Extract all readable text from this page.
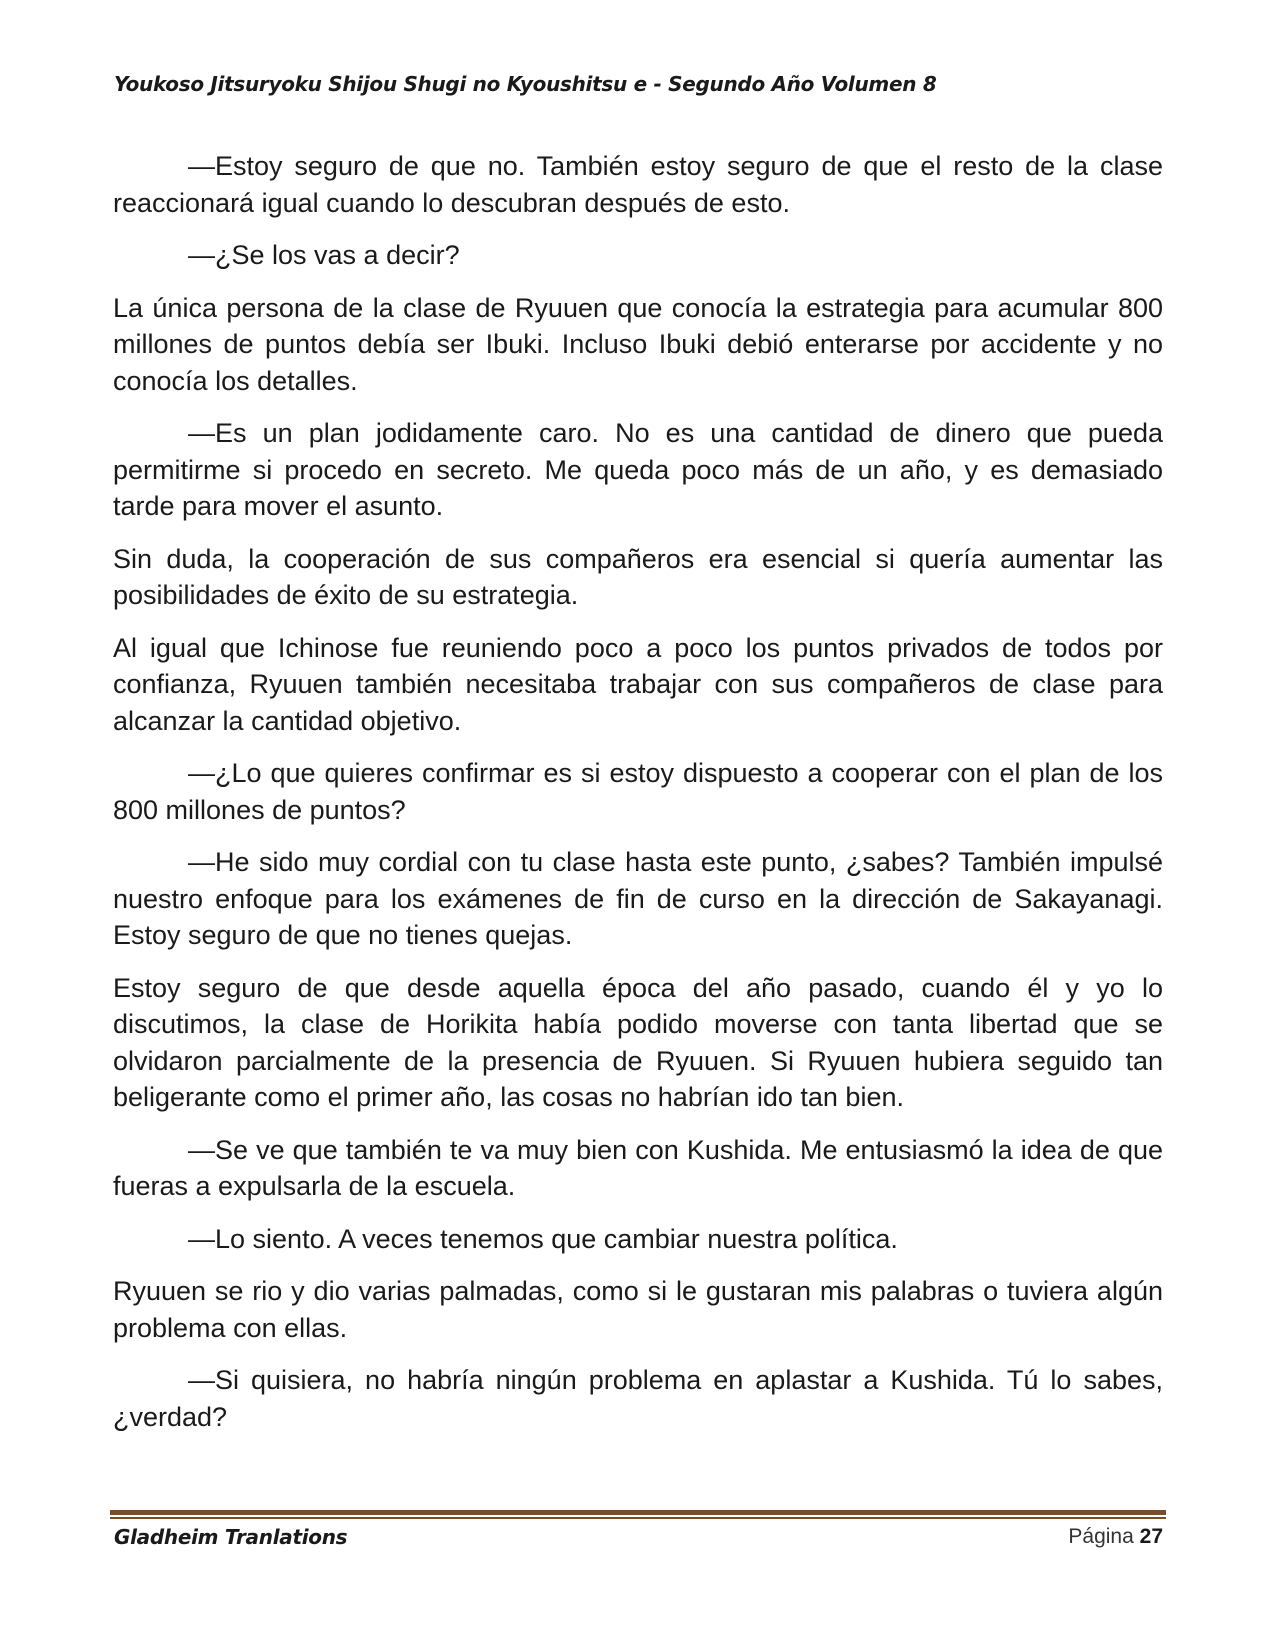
Youkoso Jitsuryoku Shijou Shugi no Kyoushitsu e - Segundo Año Volumen 8

—Estoy seguro de que no. También estoy seguro de que el resto de la clase reaccionará igual cuando lo descubran después de esto.

—¿Se los vas a decir?

La única persona de la clase de Ryuuen que conocía la estrategia para acumular 800 millones de puntos debía ser Ibuki. Incluso Ibuki debió enterarse por accidente y no conocía los detalles.

—Es un plan jodidamente caro. No es una cantidad de dinero que pueda permitirme si procedo en secreto. Me queda poco más de un año, y es demasiado tarde para mover el asunto.

Sin duda, la cooperación de sus compañeros era esencial si quería aumentar las posibilidades de éxito de su estrategia.

Al igual que Ichinose fue reuniendo poco a poco los puntos privados de todos por confianza, Ryuuen también necesitaba trabajar con sus compañeros de clase para alcanzar la cantidad objetivo.

—¿Lo que quieres confirmar es si estoy dispuesto a cooperar con el plan de los 800 millones de puntos?

—He sido muy cordial con tu clase hasta este punto, ¿sabes? También impulsé nuestro enfoque para los exámenes de fin de curso en la dirección de Sakayanagi. Estoy seguro de que no tienes quejas.

Estoy seguro de que desde aquella época del año pasado, cuando él y yo lo discutimos, la clase de Horikita había podido moverse con tanta libertad que se olvidaron parcialmente de la presencia de Ryuuen. Si Ryuuen hubiera seguido tan beligerante como el primer año, las cosas no habrían ido tan bien.

—Se ve que también te va muy bien con Kushida. Me entusiasmó la idea de que fueras a expulsarla de la escuela.

—Lo siento. A veces tenemos que cambiar nuestra política.

Ryuuen se rio y dio varias palmadas, como si le gustaran mis palabras o tuviera algún problema con ellas.

—Si quisiera, no habría ningún problema en aplastar a Kushida. Tú lo sabes, ¿verdad?

Gladheim Tranlations	Página 27
